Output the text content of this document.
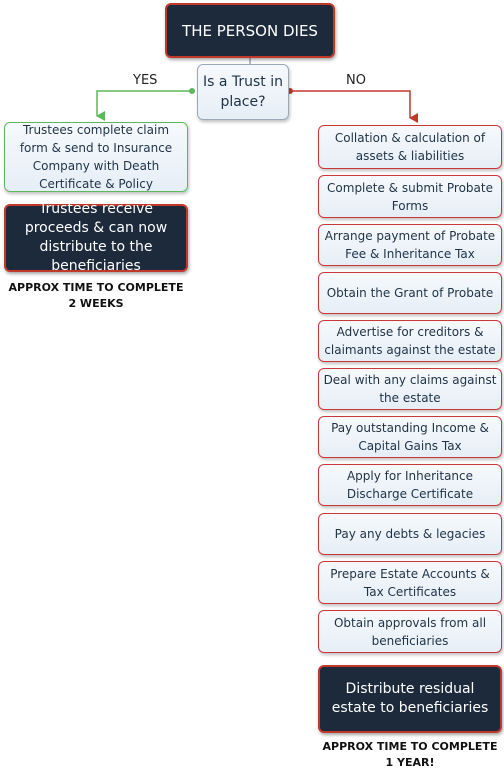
THE PERSON DIES
Is a Trust in place?
YES	NO
Trustees complete claim form & send to Insurance Company with Death Certificate & Policy
Trustees receive proceeds & can now distribute to the beneficiaries
APPROX TIME TO COMPLETE
2 WEEKS
Collation & calculation of assets & liabilities
Complete & submit Probate Forms
Arrange payment of Probate Fee & Inheritance Tax
Obtain the Grant of Probate
Advertise for creditors & claimants against the estate
Deal with any claims against the estate
Pay outstanding Income & Capital Gains Tax
Apply for Inheritance Discharge Certificate
Pay any debts & legacies
Prepare Estate Accounts & Tax Certificates
Obtain approvals from all beneficiaries
Distribute residual estate to beneficiaries
APPROX TIME TO COMPLETE
1 YEAR!
